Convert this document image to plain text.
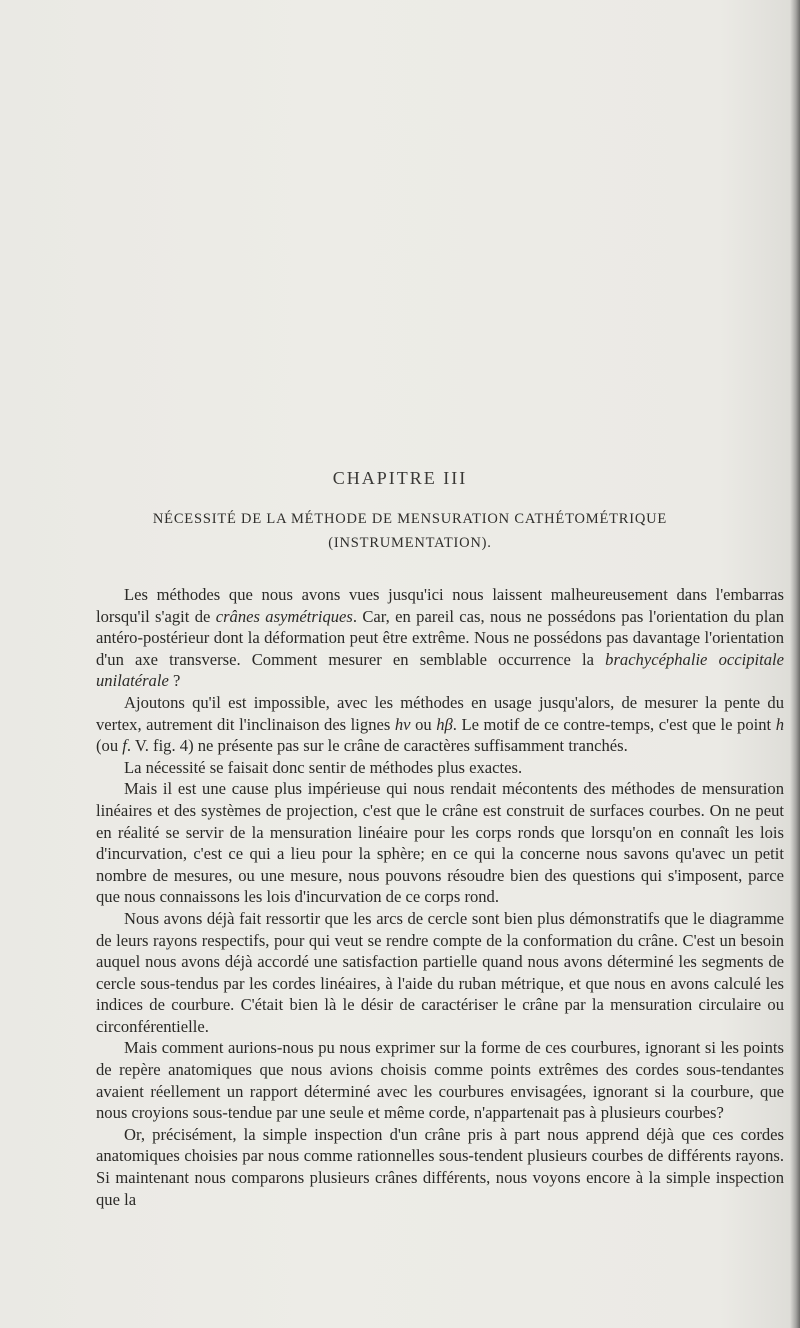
CHAPITRE III
NÉCESSITÉ DE LA MÉTHODE DE MENSURATION CATHÉTOMÉTRIQUE
(INSTRUMENTATION).

Les méthodes que nous avons vues jusqu'ici nous laissent malheureusement dans l'embarras lorsqu'il s'agit de crânes asymétriques. Car, en pareil cas, nous ne possédons pas l'orientation du plan antéro-postérieur dont la déformation peut être extrême. Nous ne possédons pas davantage l'orientation d'un axe transverse. Comment mesurer en semblable occurrence la brachycéphalie occipitale unilatérale ?

Ajoutons qu'il est impossible, avec les méthodes en usage jusqu'alors, de mesurer la pente du vertex, autrement dit l'inclinaison des lignes hv ou hβ. Le motif de ce contre-temps, c'est que le point h (ou f. V. fig. 4) ne présente pas sur le crâne de caractères suffisamment tranchés.

La nécessité se faisait donc sentir de méthodes plus exactes.

Mais il est une cause plus impérieuse qui nous rendait mécontents des méthodes de mensuration linéaires et des systèmes de projection, c'est que le crâne est construit de surfaces courbes. On ne peut en réalité se servir de la mensuration linéaire pour les corps ronds que lorsqu'on en connaît les lois d'incurvation, c'est ce qui a lieu pour la sphère; en ce qui la concerne nous savons qu'avec un petit nombre de mesures, ou une mesure, nous pouvons résoudre bien des questions qui s'imposent, parce que nous connaissons les lois d'incurvation de ce corps rond.

Nous avons déjà fait ressortir que les arcs de cercle sont bien plus démonstratifs que le diagramme de leurs rayons respectifs, pour qui veut se rendre compte de la conformation du crâne. C'est un besoin auquel nous avons déjà accordé une satisfaction partielle quand nous avons déterminé les segments de cercle sous-tendus par les cordes linéaires, à l'aide du ruban métrique, et que nous en avons calculé les indices de courbure. C'était bien là le désir de caractériser le crâne par la mensuration circulaire ou circonférentielle.

Mais comment aurions-nous pu nous exprimer sur la forme de ces courbures, ignorant si les points de repère anatomiques que nous avions choisis comme points extrêmes des cordes sous-tendantes avaient réellement un rapport déterminé avec les courbures envisagées, ignorant si la courbure, que nous croyions sous-tendue par une seule et même corde, n'appartenait pas à plusieurs courbes?

Or, précisément, la simple inspection d'un crâne pris à part nous apprend déjà que ces cordes anatomiques choisies par nous comme rationnelles sous-tendent plusieurs courbes de différents rayons. Si maintenant nous comparons plusieurs crânes différents, nous voyons encore à la simple inspection que la
